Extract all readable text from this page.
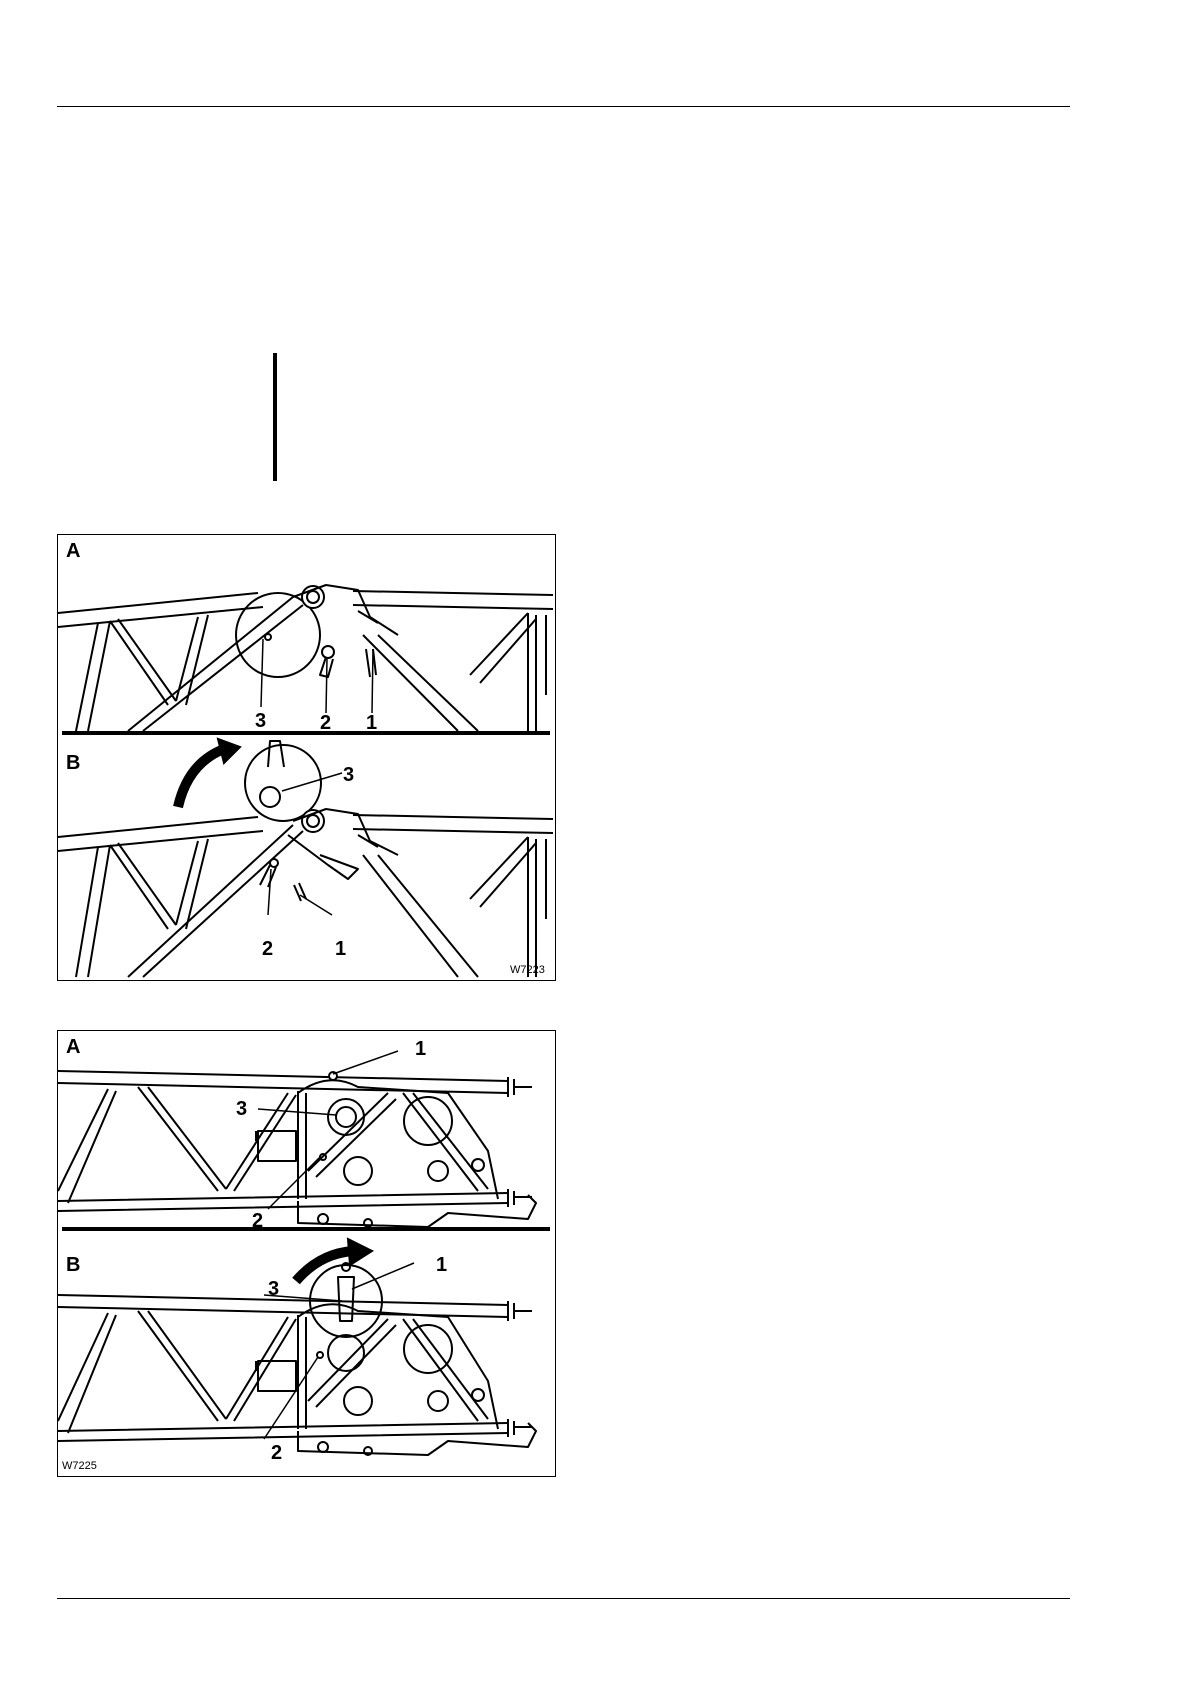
A
3	2 1
B
3
2	1
W7223
A	1
3
2
B	1
3
2
W7225
